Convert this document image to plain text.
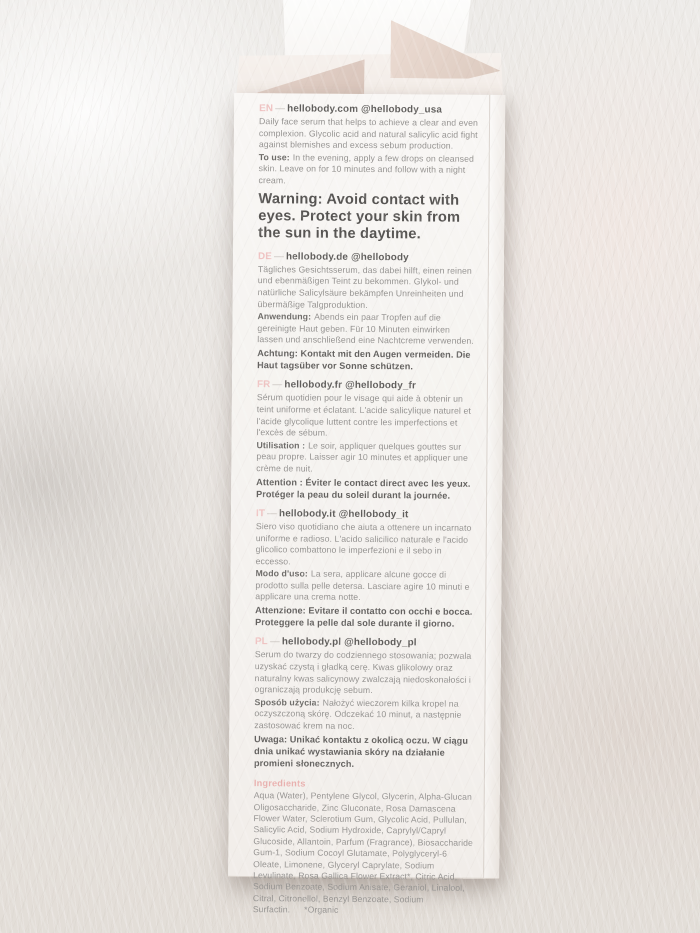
EN — hellobody.com @hellobody_usa

Daily face serum that helps to achieve a clear and even complexion. Glycolic acid and natural salicylic acid fight against blemishes and excess sebum production.

To use: In the evening, apply a few drops on cleansed skin. Leave on for 10 minutes and follow with a night cream.

Warning: Avoid contact with eyes. Protect your skin from the sun in the daytime.

DE — hellobody.de @hellobody

Tägliches Gesichtsserum, das dabei hilft, einen reinen und ebenmäßigen Teint zu bekommen. Glykol- und natürliche Salicylsäure bekämpfen Unreinheiten und übermäßige Talgproduktion.

Anwendung: Abends ein paar Tropfen auf die gereinigte Haut geben. Für 10 Minuten einwirken lassen und anschließend eine Nachtcreme verwenden.

Achtung: Kontakt mit den Augen vermeiden. Die Haut tagsüber vor Sonne schützen.

FR — hellobody.fr @hellobody_fr

Sérum quotidien pour le visage qui aide à obtenir un teint uniforme et éclatant. L'acide salicylique naturel et l'acide glycolique luttent contre les imperfections et l'excès de sébum.

Utilisation : Le soir, appliquer quelques gouttes sur peau propre. Laisser agir 10 minutes et appliquer une crème de nuit.

Attention : Éviter le contact direct avec les yeux. Protéger la peau du soleil durant la journée.

IT — hellobody.it @hellobody_it

Siero viso quotidiano che aiuta a ottenere un incarnato uniforme e radioso. L'acido salicilico naturale e l'acido glicolico combattono le imperfezioni e il sebo in eccesso.

Modo d'uso: La sera, applicare alcune gocce di prodotto sulla pelle detersa. Lasciare agire 10 minuti e applicare una crema notte.

Attenzione: Evitare il contatto con occhi e bocca. Proteggere la pelle dal sole durante il giorno.

PL — hellobody.pl @hellobody_pl

Serum do twarzy do codziennego stosowania; pozwala uzyskać czystą i gładką cerę. Kwas glikolowy oraz naturalny kwas salicynowy zwalczają niedoskonałości i ograniczają produkcję sebum.

Sposób użycia: Nałożyć wieczorem kilka kropel na oczyszczoną skórę. Odczekać 10 minut, a następnie zastosować krem na noc.

Uwaga: Unikać kontaktu z okolicą oczu. W ciągu dnia unikać wystawiania skóry na działanie promieni słonecznych.

Ingredients

Aqua (Water), Pentylene Glycol, Glycerin, Alpha-Glucan Oligosaccharide, Zinc Gluconate, Rosa Damascena Flower Water, Sclerotium Gum, Glycolic Acid, Pullulan, Salicylic Acid, Sodium Hydroxide, Caprylyl/Capryl Glucoside, Allantoin, Parfum (Fragrance), Biosaccharide Gum-1, Sodium Cocoyl Glutamate, Polyglyceryl-6 Oleate, Limonene, Glyceryl Caprylate, Sodium Levulinate, Rosa Gallica Flower Extract*, Citric Acid, Sodium Benzoate, Sodium Anisate, Geraniol, Linalool, Citral, Citronellol, Benzyl Benzoate, Sodium Surfactin. *Organic
